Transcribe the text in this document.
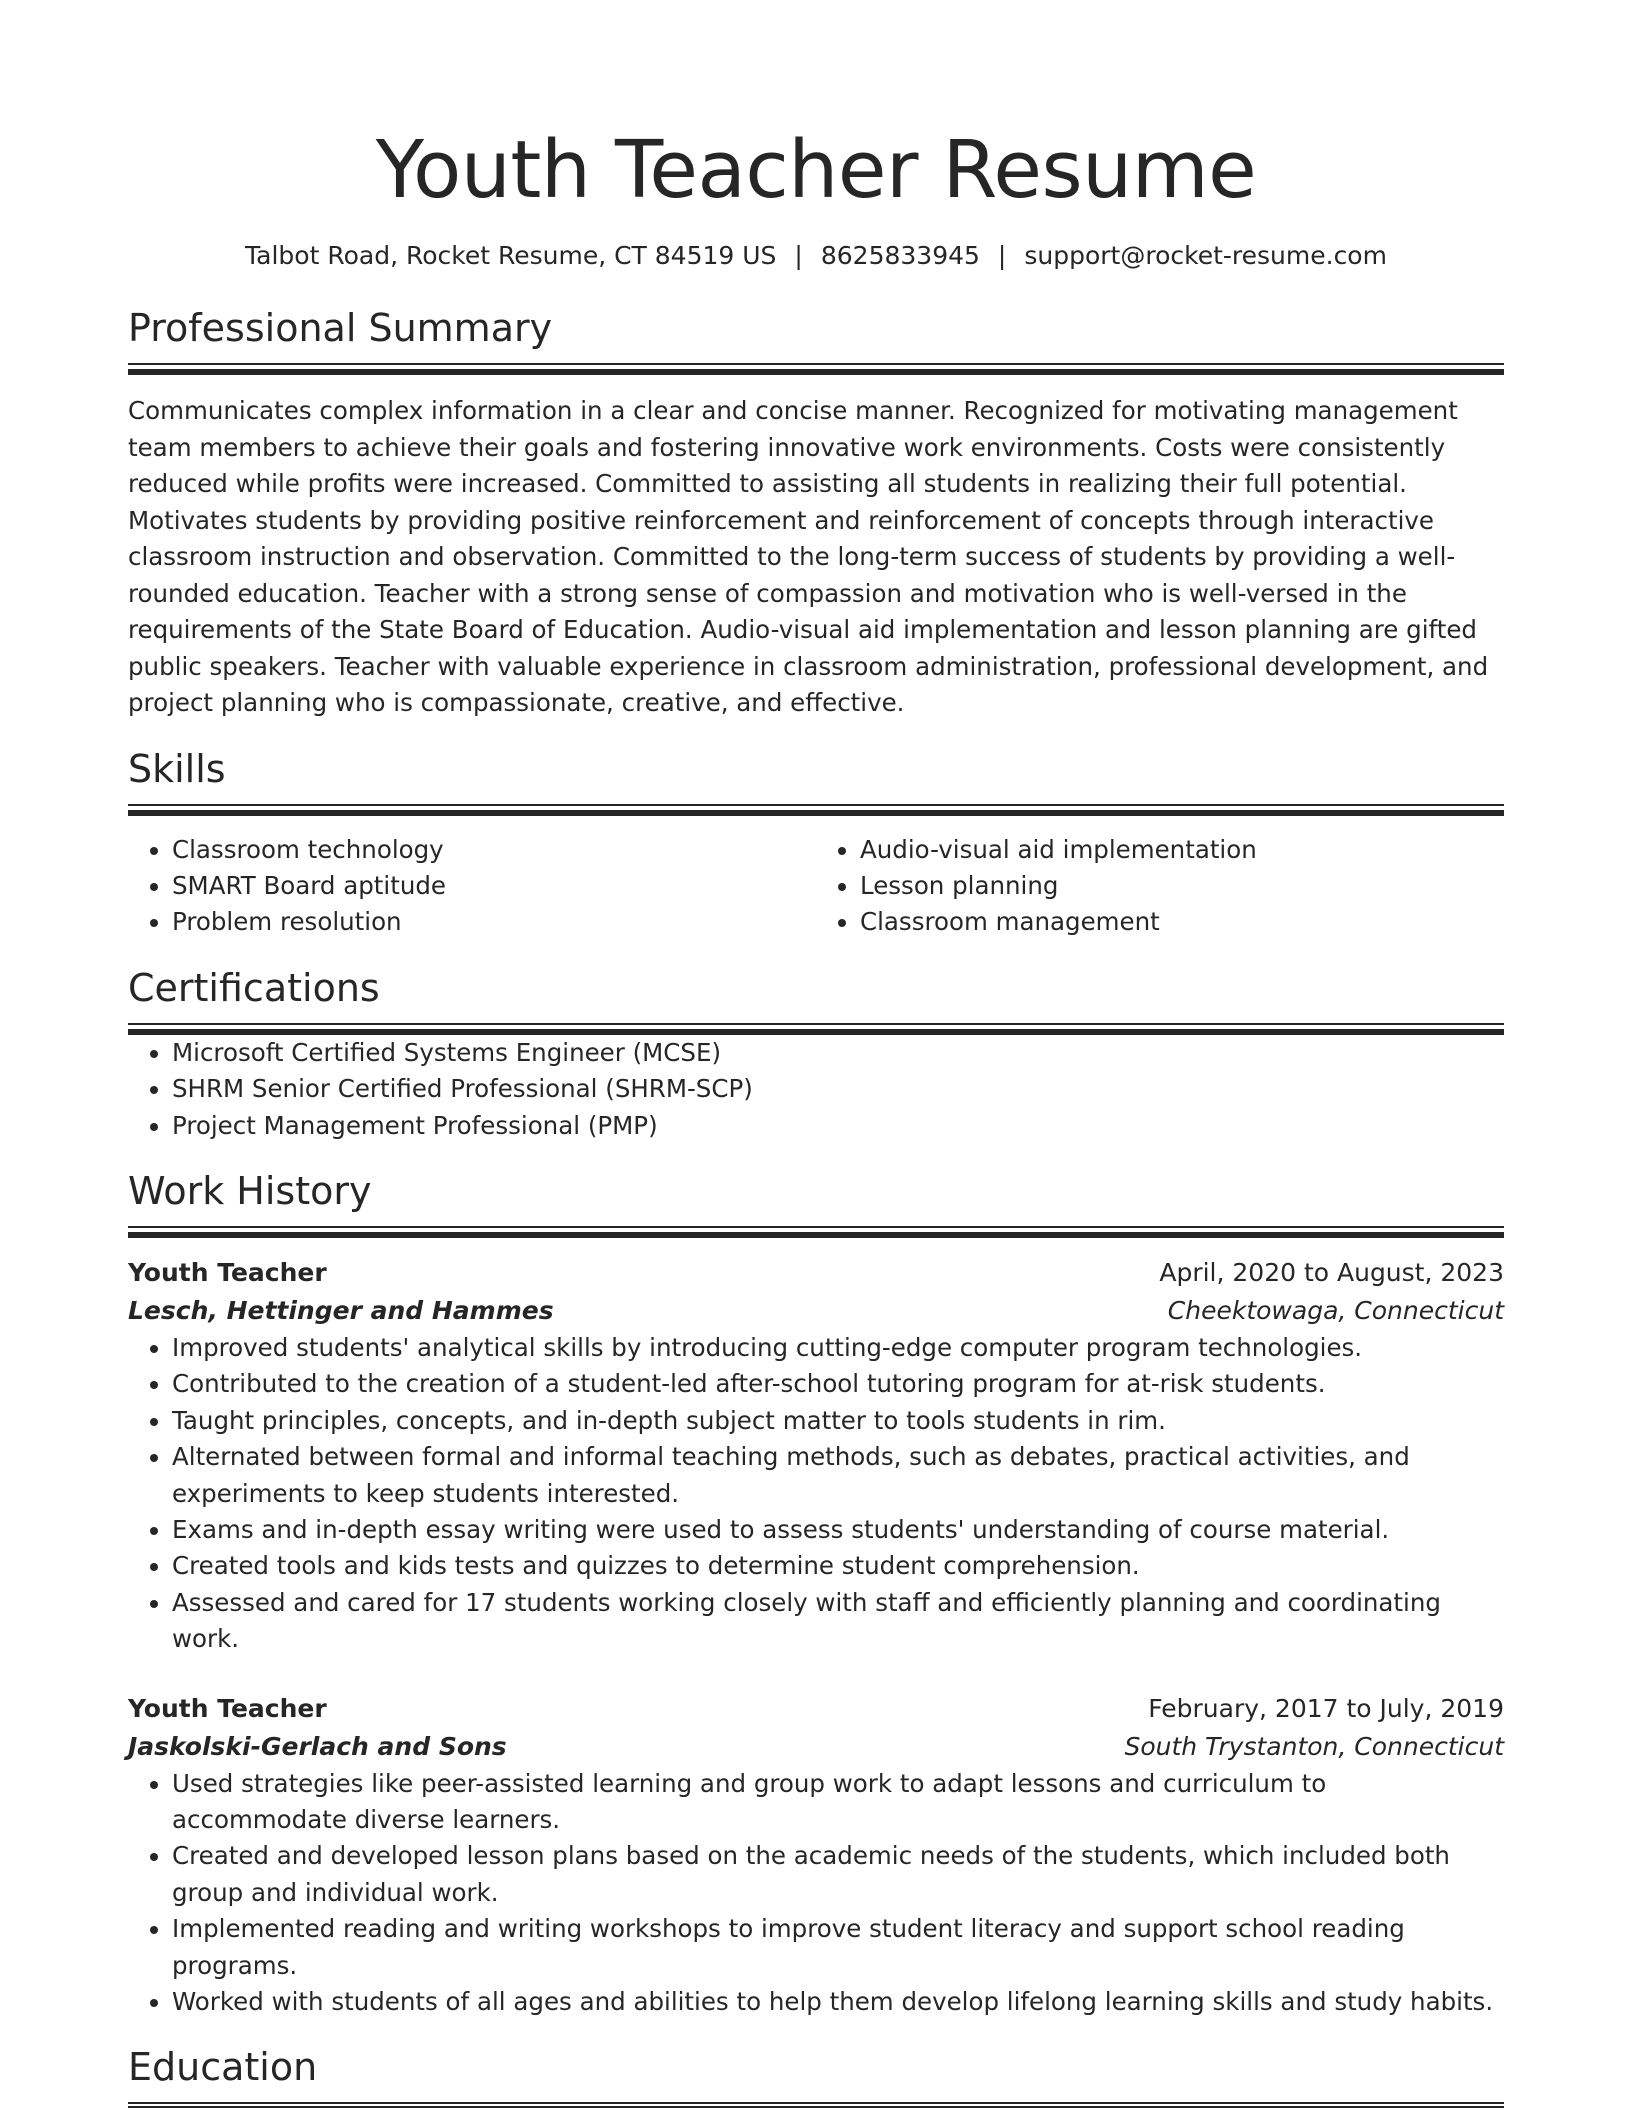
Youth Teacher Resume
Talbot Road, Rocket Resume, CT 84519 US | 8625833945 | support@rocket-resume.com
Professional Summary

Communicates complex information in a clear and concise manner. Recognized for motivating management team members to achieve their goals and fostering innovative work environments. Costs were consistently reduced while profits were increased. Committed to assisting all students in realizing their full potential. Motivates students by providing positive reinforcement and reinforcement of concepts through interactive classroom instruction and observation. Committed to the long-term success of students by providing a well-rounded education. Teacher with a strong sense of compassion and motivation who is well-versed in the requirements of the State Board of Education. Audio-visual aid implementation and lesson planning are gifted public speakers. Teacher with valuable experience in classroom administration, professional development, and project planning who is compassionate, creative, and effective.

Skills
• Classroom technology
• SMART Board aptitude
• Problem resolution
• Audio-visual aid implementation
• Lesson planning
• Classroom management
Certifications
• Microsoft Certified Systems Engineer (MCSE)
• SHRM Senior Certified Professional (SHRM-SCP)
• Project Management Professional (PMP)
Work History
Youth Teacher	April, 2020 to August, 2023
Lesch, Hettinger and Hammes	Cheektowaga, Connecticut
• Improved students' analytical skills by introducing cutting-edge computer program technologies.
• Contributed to the creation of a student-led after-school tutoring program for at-risk students.
• Taught principles, concepts, and in-depth subject matter to tools students in rim.
• Alternated between formal and informal teaching methods, such as debates, practical activities, and experiments to keep students interested.
• Exams and in-depth essay writing were used to assess students' understanding of course material.
• Created tools and kids tests and quizzes to determine student comprehension.
• Assessed and cared for 17 students working closely with staff and efficiently planning and coordinating work.
Youth Teacher	February, 2017 to July, 2019
Jaskolski-Gerlach and Sons	South Trystanton, Connecticut
• Used strategies like peer-assisted learning and group work to adapt lessons and curriculum to accommodate diverse learners.
• Created and developed lesson plans based on the academic needs of the students, which included both group and individual work.
• Implemented reading and writing workshops to improve student literacy and support school reading programs.
• Worked with students of all ages and abilities to help them develop lifelong learning skills and study habits.
Education
